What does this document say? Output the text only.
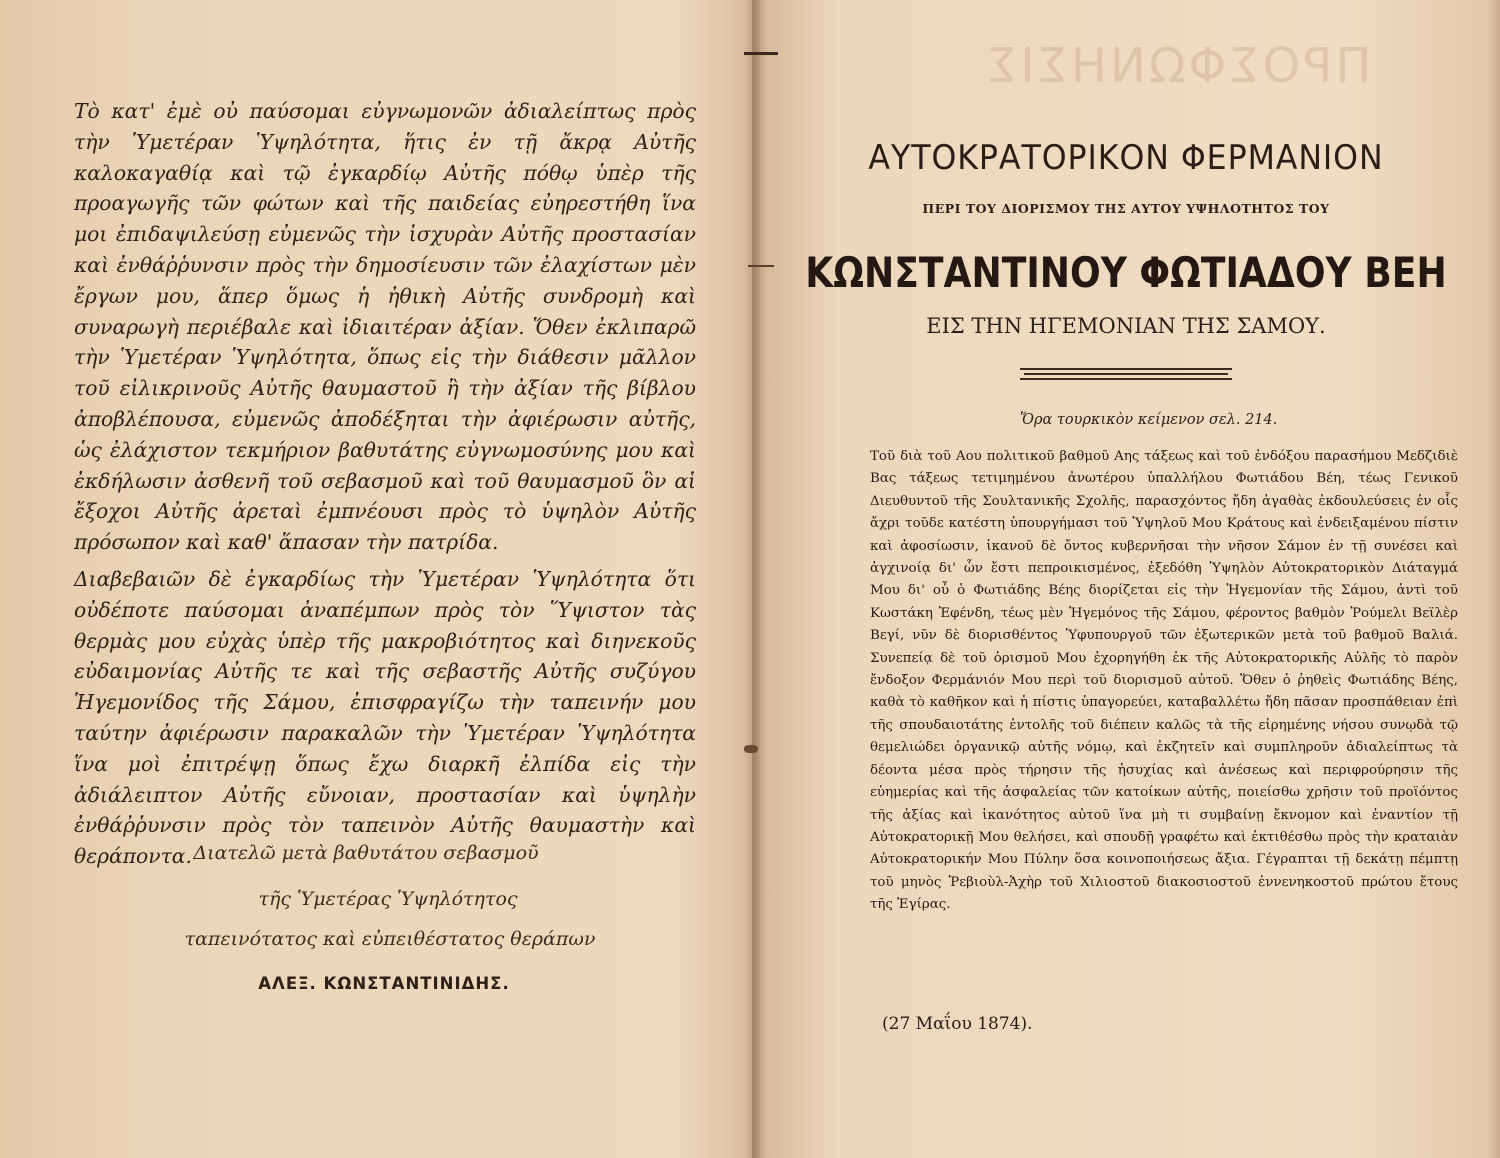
Τὸ κατ' ἐμὲ οὐ παύσομαι εὐγνωμονῶν ἀδιαλείπτως πρὸς τὴν Ὑμετέραν Ὑψηλότητα, ἥτις ἐν τῇ ἄκρᾳ Αὐτῆς καλοκαγαθίᾳ καὶ τῷ ἐγκαρδίῳ Αὐτῆς πόθῳ ὑπὲρ τῆς προαγωγῆς τῶν φώτων καὶ τῆς παιδείας εὐηρεστήθη ἵνα μοι ἐπιδαψιλεύσῃ εὐμενῶς τὴν ἰσχυρὰν Αὐτῆς προστασίαν καὶ ἐνθάῤῥυνσιν πρὸς τὴν δημοσίευσιν τῶν ἐλαχίστων μὲν ἔργων μου, ἅπερ ὅμως ἡ ἠθικὴ Αὐτῆς συνδρομὴ καὶ συναρωγὴ περιέβαλε καὶ ἰδιαιτέραν ἀξίαν. Ὅθεν ἐκλιπαρῶ τὴν Ὑμετέραν Ὑψηλότητα, ὅπως εἰς τὴν διάθεσιν μᾶλλον τοῦ εἰλικρινοῦς Αὐτῆς θαυμαστοῦ ἢ τὴν ἀξίαν τῆς βίβλου ἀποβλέπουσα, εὐμενῶς ἀποδέξηται τὴν ἀφιέρωσιν αὐτῆς, ὡς ἐλάχιστον τεκμήριον βαθυτάτης εὐγνωμοσύνης μου καὶ ἐκδήλωσιν ἀσθενῆ τοῦ σεβασμοῦ καὶ τοῦ θαυμασμοῦ ὃν αἱ ἔξοχοι Αὐτῆς ἀρεταὶ ἐμπνέουσι πρὸς τὸ ὑψηλὸν Αὐτῆς πρόσωπον καὶ καθ' ἅπασαν τὴν πατρίδα.

Διαβεβαιῶν δὲ ἐγκαρδίως τὴν Ὑμετέραν Ὑψηλότητα ὅτι οὐδέποτε παύσομαι ἀναπέμπων πρὸς τὸν Ὕψιστον τὰς θερμὰς μου εὐχὰς ὑπὲρ τῆς μακροβιότητος καὶ διηνεκοῦς εὐδαιμονίας Αὐτῆς τε καὶ τῆς σεβαστῆς Αὐτῆς συζύγου Ἡγεμονίδος τῆς Σάμου, ἐπισφραγίζω τὴν ταπεινήν μου ταύτην ἀφιέρωσιν παρακαλῶν τὴν Ὑμετέραν Ὑψηλότητα ἵνα μοὶ ἐπιτρέψῃ ὅπως ἔχω διαρκῆ ἐλπίδα εἰς τὴν ἀδιάλειπτον Αὐτῆς εὔνοιαν, προστασίαν καὶ ὑψηλὴν ἐνθάῤῥυνσιν πρὸς τὸν ταπεινὸν Αὐτῆς θαυμαστὴν καὶ θεράποντα. Διατελῶ μετὰ βαθυτάτου σεβασμοῦ
τῆς Ὑμετέρας Ὑψηλότητος
ταπεινότατος καὶ εὐπειθέστατος θεράπων
ΑΛΕΞ. ΚΩΝΣΤΑΝΤΙΝΙΔΗΣ.
ΠΡΟΣΦΩΝΗΣΙΣ
ΑΥΤΟΚΡΑΤΟΡΙΚΟΝ ΦΕΡΜΑΝΙΟΝ
ΠΕΡΙ ΤΟΥ ΔΙΟΡΙΣΜΟΥ ΤΗΣ ΑΥΤΟΥ ΥΨΗΛΟΤΗΤΟΣ ΤΟΥ
ΚΩΝΣΤΑΝΤΙΝΟΥ ΦΩΤΙΑΔΟΥ ΒΕΗ
ΕΙΣ ΤΗΝ ΗΓΕΜΟΝΙΑΝ ΤΗΣ ΣΑΜΟΥ.
Ὅρα τουρκικὸν κείμενον σελ. 214.
Τοῦ διὰ τοῦ Αου πολιτικοῦ βαθμοῦ Αης τάξεως καὶ τοῦ ἐνδόξου παρασήμου Μεδζιδιὲ Βας τάξεως τετιμημένου ἀνωτέρου ὑπαλλήλου Φωτιάδου Βέη, τέως Γενικοῦ Διευθυντοῦ τῆς Σουλτανικῆς Σχολῆς, παρασχόντος ἤδη ἀγαθὰς ἐκδουλεύσεις ἐν οἷς ἄχρι τοῦδε κατέστη ὑπουργήμασι τοῦ Ὑψηλοῦ Μου Κράτους καὶ ἐνδειξαμένου πίστιν καὶ ἀφοσίωσιν, ἱκανοῦ δὲ ὄντος κυβερνῆσαι τὴν νῆσον Σάμον ἐν τῇ συνέσει καὶ ἀγχινοίᾳ δι' ὧν ἔστι πεπροικισμένος, ἐξεδόθη Ὑψηλὸν Αὐτοκρατορικὸν Διάταγμά Μου δι' οὗ ὁ Φωτιάδης Βέης διορίζεται εἰς τὴν Ἡγεμονίαν τῆς Σάμου, ἀντὶ τοῦ Κωστάκη Ἐφένδη, τέως μὲν Ἡγεμόνος τῆς Σάμου, φέροντος βαθμὸν Ῥούμελι Βεϊλὲρ Βεγί, νῦν δὲ διορισθέντος Ὑφυπουργοῦ τῶν ἐξωτερικῶν μετὰ τοῦ βαθμοῦ Βαλιά. Συνεπείᾳ δὲ τοῦ ὁρισμοῦ Μου ἐχορηγήθη ἐκ τῆς Αὐτοκρατορικῆς Αὐλῆς τὸ παρὸν ἔνδοξον Φερμάνιόν Μου περὶ τοῦ διορισμοῦ αὐτοῦ. Ὅθεν ὁ ῥηθεὶς Φωτιάδης Βέης, καθὰ τὸ καθῆκον καὶ ἡ πίστις ὑπαγορεύει, καταβαλλέτω ἤδη πᾶσαν προσπάθειαν ἐπὶ τῆς σπουδαιοτάτης ἐντολῆς τοῦ διέπειν καλῶς τὰ τῆς εἰρημένης νήσου συνῳδὰ τῷ θεμελιώδει ὀργανικῷ αὐτῆς νόμῳ, καὶ ἐκζητεῖν καὶ συμπληροῦν ἀδιαλείπτως τὰ δέοντα μέσα πρὸς τήρησιν τῆς ἡσυχίας καὶ ἀνέσεως καὶ περιφρούρησιν τῆς εὐημερίας καὶ τῆς ἀσφαλείας τῶν κατοίκων αὐτῆς, ποιείσθω χρῆσιν τοῦ προϊόντος τῆς ἀξίας καὶ ἱκανότητος αὐτοῦ ἵνα μὴ τι συμβαίνῃ ἔκνομον καὶ ἐναντίον τῇ Αὐτοκρατορικῇ Μου θελήσει, καὶ σπουδῇ γραφέτω καὶ ἐκτιθέσθω πρὸς τὴν κραταιὰν Αὐτοκρατορικήν Μου Πύλην ὅσα κοινοποιήσεως ἄξια. Γέγραπται τῇ δεκάτῃ πέμπτῃ τοῦ μηνὸς Ῥεβιοὺλ-Ἀχὴρ τοῦ Χιλιοστοῦ διακοσιοστοῦ ἐννενηκοστοῦ πρώτου ἔτους τῆς Ἐγίρας.
(27 Μαΐου 1874).
